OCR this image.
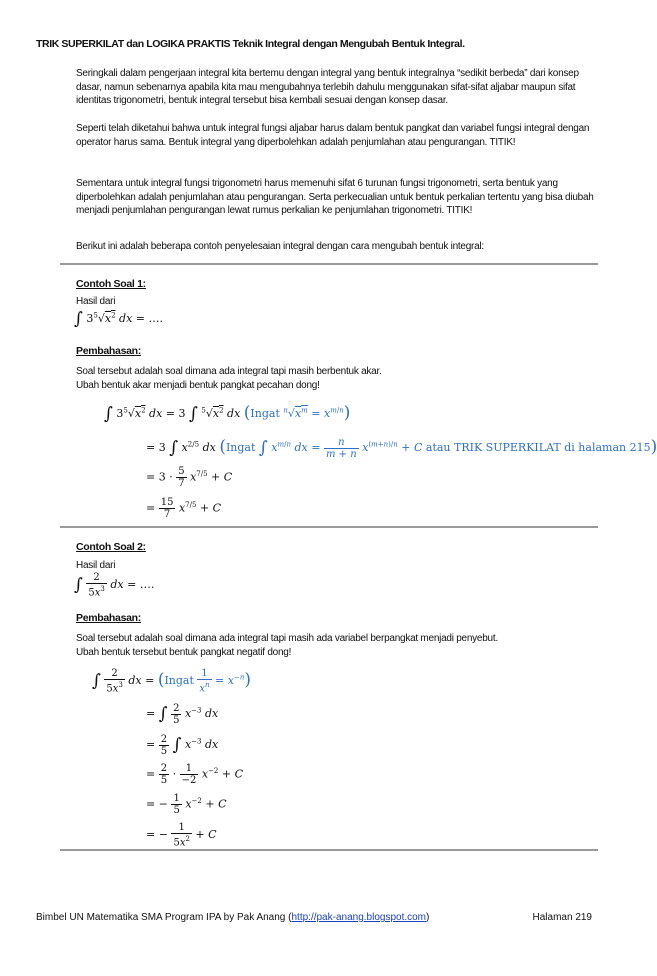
TRIK SUPERKILAT dan LOGIKA PRAKTIS Teknik Integral dengan Mengubah Bentuk Integral.
Seringkali dalam pengerjaan integral kita bertemu dengan integral yang bentuk integralnya “sedikit berbeda” dari konsep dasar, namun sebenarnya apabila kita mau mengubahnya terlebih dahulu menggunakan sifat-sifat aljabar maupun sifat identitas trigonometri, bentuk integral tersebut bisa kembali sesuai dengan konsep dasar.
Seperti telah diketahui bahwa untuk integral fungsi aljabar harus dalam bentuk pangkat dan variabel fungsi integral dengan operator harus sama. Bentuk integral yang diperbolehkan adalah penjumlahan atau pengurangan. TITIK!
Sementara untuk integral fungsi trigonometri harus memenuhi sifat 6 turunan fungsi trigonometri, serta bentuk yang diperbolehkan adalah penjumlahan atau pengurangan. Serta perkecualian untuk bentuk perkalian tertentu yang bisa diubah menjadi penjumlahan pengurangan lewat rumus perkalian ke penjumlahan trigonometri. TITIK!
Berikut ini adalah beberapa contoh penyelesaian integral dengan cara mengubah bentuk integral:
Contoh Soal 1:
Hasil dari
∫ $3^5√x^2$ dx = ….
Pembahasan:
Soal tersebut adalah soal dimana ada integral tapi masih berbentuk akar.
Ubah bentuk akar menjadi bentuk pangkat pecahan dong!
∫ $3^5√x^2$ dx = 3 ∫ $^5√x^2$ dx (Ingat $^n√x^m = x^{m/n}$)
= 3 ∫ $x^{2/5}$ dx (Ingat ∫ $x^{m/n}$ dx = $\frac{n}{m + n} x^{(m+n)/n} + C$ atau TRIK SUPERKILAT di halaman 215)
= $3 \cdot \frac{5}{7} x^{7/5} + C$
= $\frac{15}{7} x^{7/5} + C$
Contoh Soal 2:
Hasil dari
∫ $\frac{2}{5x^3}$ dx = ….
Pembahasan:
Soal tersebut adalah soal dimana ada integral tapi masih ada variabel berpangkat menjadi penyebut.
Ubah bentuk tersebut bentuk pangkat negatif dong!
∫ $\frac{2}{5x^3}$ dx = (Ingat $\frac{1}{x^n} = x^{-n}$)
= ∫ $\frac{2}{5} x^{-3}$ dx
= $\frac{2}{5}$ ∫ $x^{-3}$ dx
= $\frac{2}{5} \cdot \frac{1}{-2} x^{-2} + C$
= − $\frac{1}{5} x^{-2} + C$
= − $\frac{1}{5x^2} + C$
Bimbel UN Matematika SMA Program IPA by Pak Anang (http://pak-anang.blogspot.com)	Halaman 219
